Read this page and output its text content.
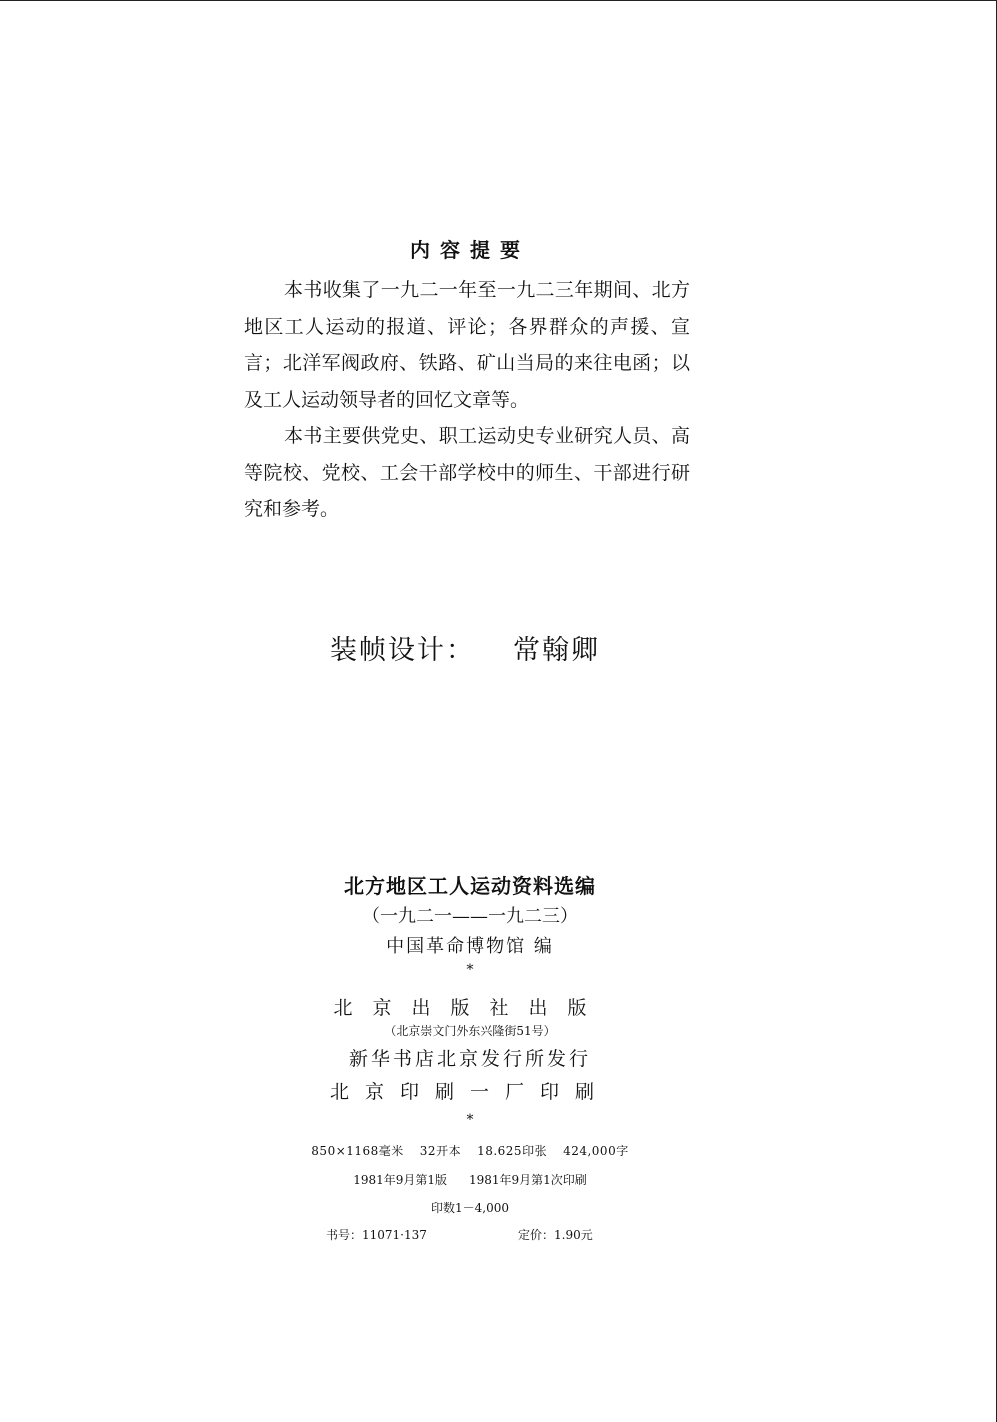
内容提要

本书收集了一九二一年至一九二三年期间、北方地区工人运动的报道、评论；各界群众的声援、宣言；北洋军阀政府、铁路、矿山当局的来往电函；以及工人运动领导者的回忆文章等。

本书主要供党史、职工运动史专业研究人员、高等院校、党校、工会干部学校中的师生、干部进行研究和参考。

装帧设计： 常翰卿
北方地区工人运动资料选编
（一九二一——一九二三）
中国革命博物馆 编
*
北京出版社出版
（北京崇文门外东兴隆街51号）
新华书店北京发行所发行
北京印刷一厂印刷
*
850×1168毫米 32开本 18.625印张 424,000字
1981年9月第1版 1981年9月第1次印刷
印数1－4,000
书号：11071·137	定价：1.90元
